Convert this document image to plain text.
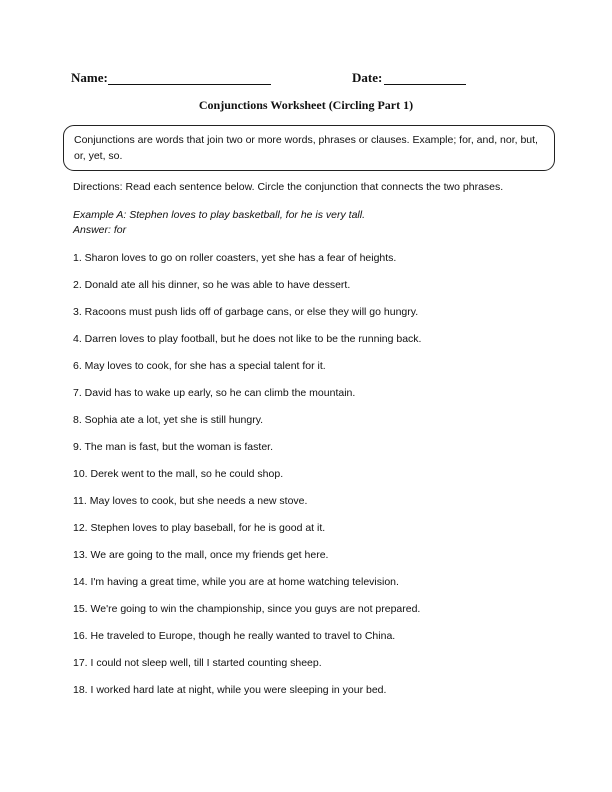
Name:	Date:
Conjunctions Worksheet (Circling Part 1)
Conjunctions are words that join two or more words, phrases or clauses. Example; for, and, nor, but, or, yet, so.
Directions: Read each sentence below. Circle the conjunction that connects the two phrases.
Example A: Stephen loves to play basketball, for he is very tall.
Answer: for
1. Sharon loves to go on roller coasters, yet she has a fear of heights.
2. Donald ate all his dinner, so he was able to have dessert.
3. Racoons must push lids off of garbage cans, or else they will go hungry.
4. Darren loves to play football, but he does not like to be the running back.
6. May loves to cook, for she has a special talent for it.
7. David has to wake up early, so he can climb the mountain.
8. Sophia ate a lot, yet she is still hungry.
9. The man is fast, but the woman is faster.
10. Derek went to the mall, so he could shop.
11. May loves to cook, but she needs a new stove.
12. Stephen loves to play baseball, for he is good at it.
13. We are going to the mall, once my friends get here.
14. I'm having a great time, while you are at home watching television.
15. We're going to win the championship, since you guys are not prepared.
16. He traveled to Europe, though he really wanted to travel to China.
17. I could not sleep well, till I started counting sheep.
18. I worked hard late at night, while you were sleeping in your bed.
